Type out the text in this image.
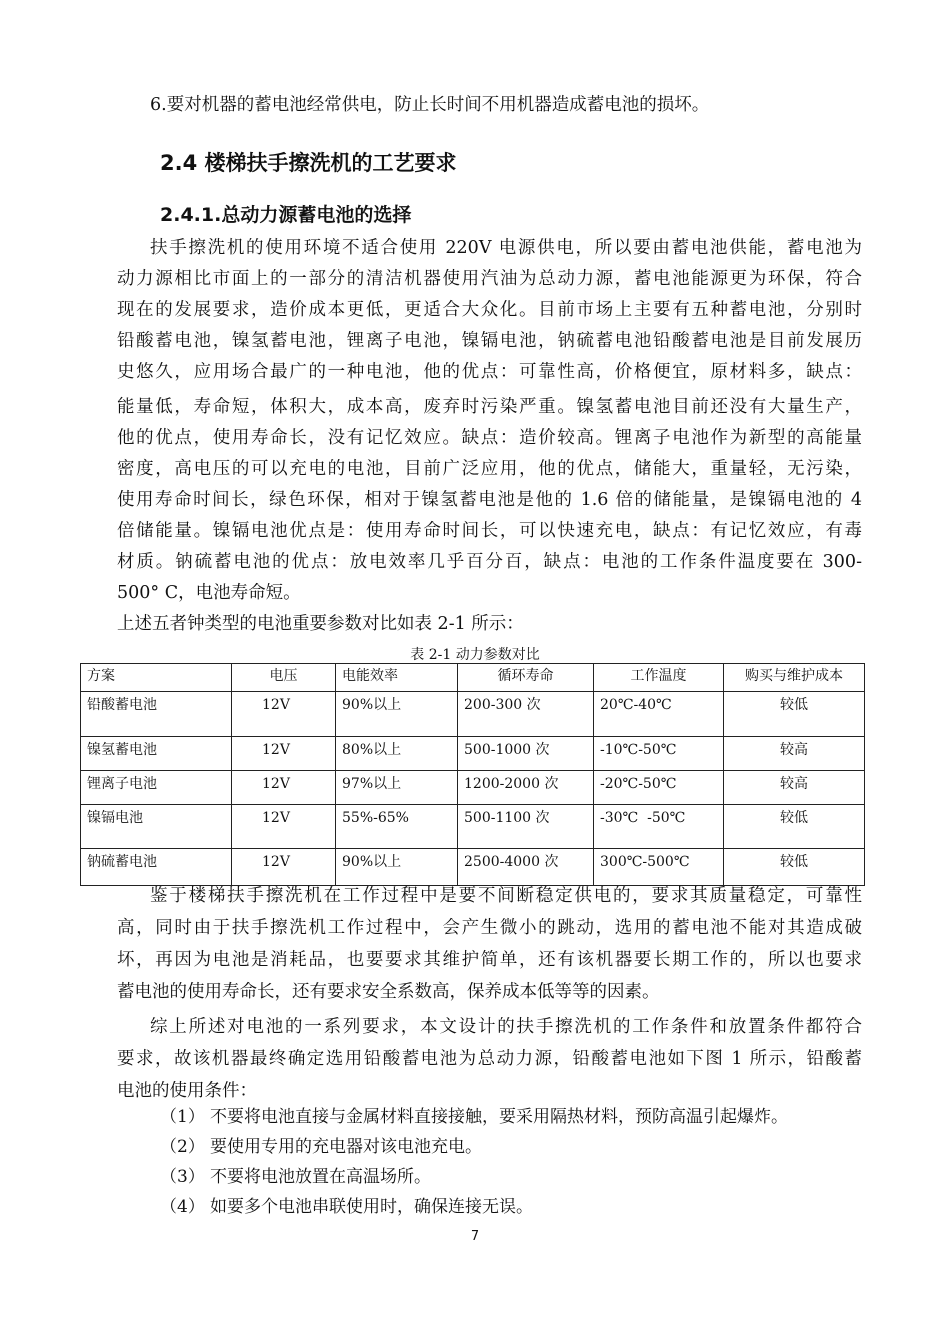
6.要对机器的蓄电池经常供电，防止长时间不用机器造成蓄电池的损坏。
2.4 楼梯扶手擦洗机的工艺要求
2.4.1.总动力源蓄电池的选择
扶手擦洗机的使用环境不适合使用 220V 电源供电，所以要由蓄电池供能，蓄电池为
动力源相比市面上的一部分的清洁机器使用汽油为总动力源，蓄电池能源更为环保，符合
现在的发展要求，造价成本更低，更适合大众化。目前市场上主要有五种蓄电池，分别时
铅酸蓄电池，镍氢蓄电池，锂离子电池，镍镉电池，钠硫蓄电池铅酸蓄电池是目前发展历
史悠久，应用场合最广的一种电池，他的优点：可靠性高，价格便宜，原材料多，缺点：
能量低，寿命短，体积大，成本高，废弃时污染严重。镍氢蓄电池目前还没有大量生产，
他的优点，使用寿命长，没有记忆效应。缺点：造价较高。锂离子电池作为新型的高能量
密度，高电压的可以充电的电池，目前广泛应用，他的优点，储能大，重量轻，无污染，
使用寿命时间长，绿色环保，相对于镍氢蓄电池是他的 1.6 倍的储能量，是镍镉电池的 4
倍储能量。镍镉电池优点是：使用寿命时间长，可以快速充电，缺点：有记忆效应，有毒
材质。钠硫蓄电池的优点：放电效率几乎百分百，缺点：电池的工作条件温度要在 300-
500° C，电池寿命短。
上述五者钟类型的电池重要参数对比如表 2-1 所示：
表 2-1 动力参数对比
方案	电压	电能效率	循环寿命	工作温度	购买与维护成本
铅酸蓄电池	12V	90%以上	200-300 次	20℃-40℃	较低
镍氢蓄电池	12V	80%以上	500-1000 次	-10℃-50℃	较高
锂离子电池	12V	97%以上	1200-2000 次	-20℃-50℃	较高
镍镉电池	12V	55%-65%	500-1100 次	-30℃  -50℃	较低
钠硫蓄电池	12V	90%以上	2500-4000 次	300℃-500℃	较低
鉴于楼梯扶手擦洗机在工作过程中是要不间断稳定供电的，要求其质量稳定，可靠性
高，同时由于扶手擦洗机工作过程中，会产生微小的跳动，选用的蓄电池不能对其造成破
坏，再因为电池是消耗品，也要要求其维护简单，还有该机器要长期工作的，所以也要求
蓄电池的使用寿命长，还有要求安全系数高，保养成本低等等的因素。
综上所述对电池的一系列要求，本文设计的扶手擦洗机的工作条件和放置条件都符合
要求，故该机器最终确定选用铅酸蓄电池为总动力源，铅酸蓄电池如下图 1 所示，铅酸蓄
电池的使用条件：
（1） 不要将电池直接与金属材料直接接触，要采用隔热材料，预防高温引起爆炸。
（2） 要使用专用的充电器对该电池充电。
（3） 不要将电池放置在高温场所。
（4） 如要多个电池串联使用时，确保连接无误。
7
